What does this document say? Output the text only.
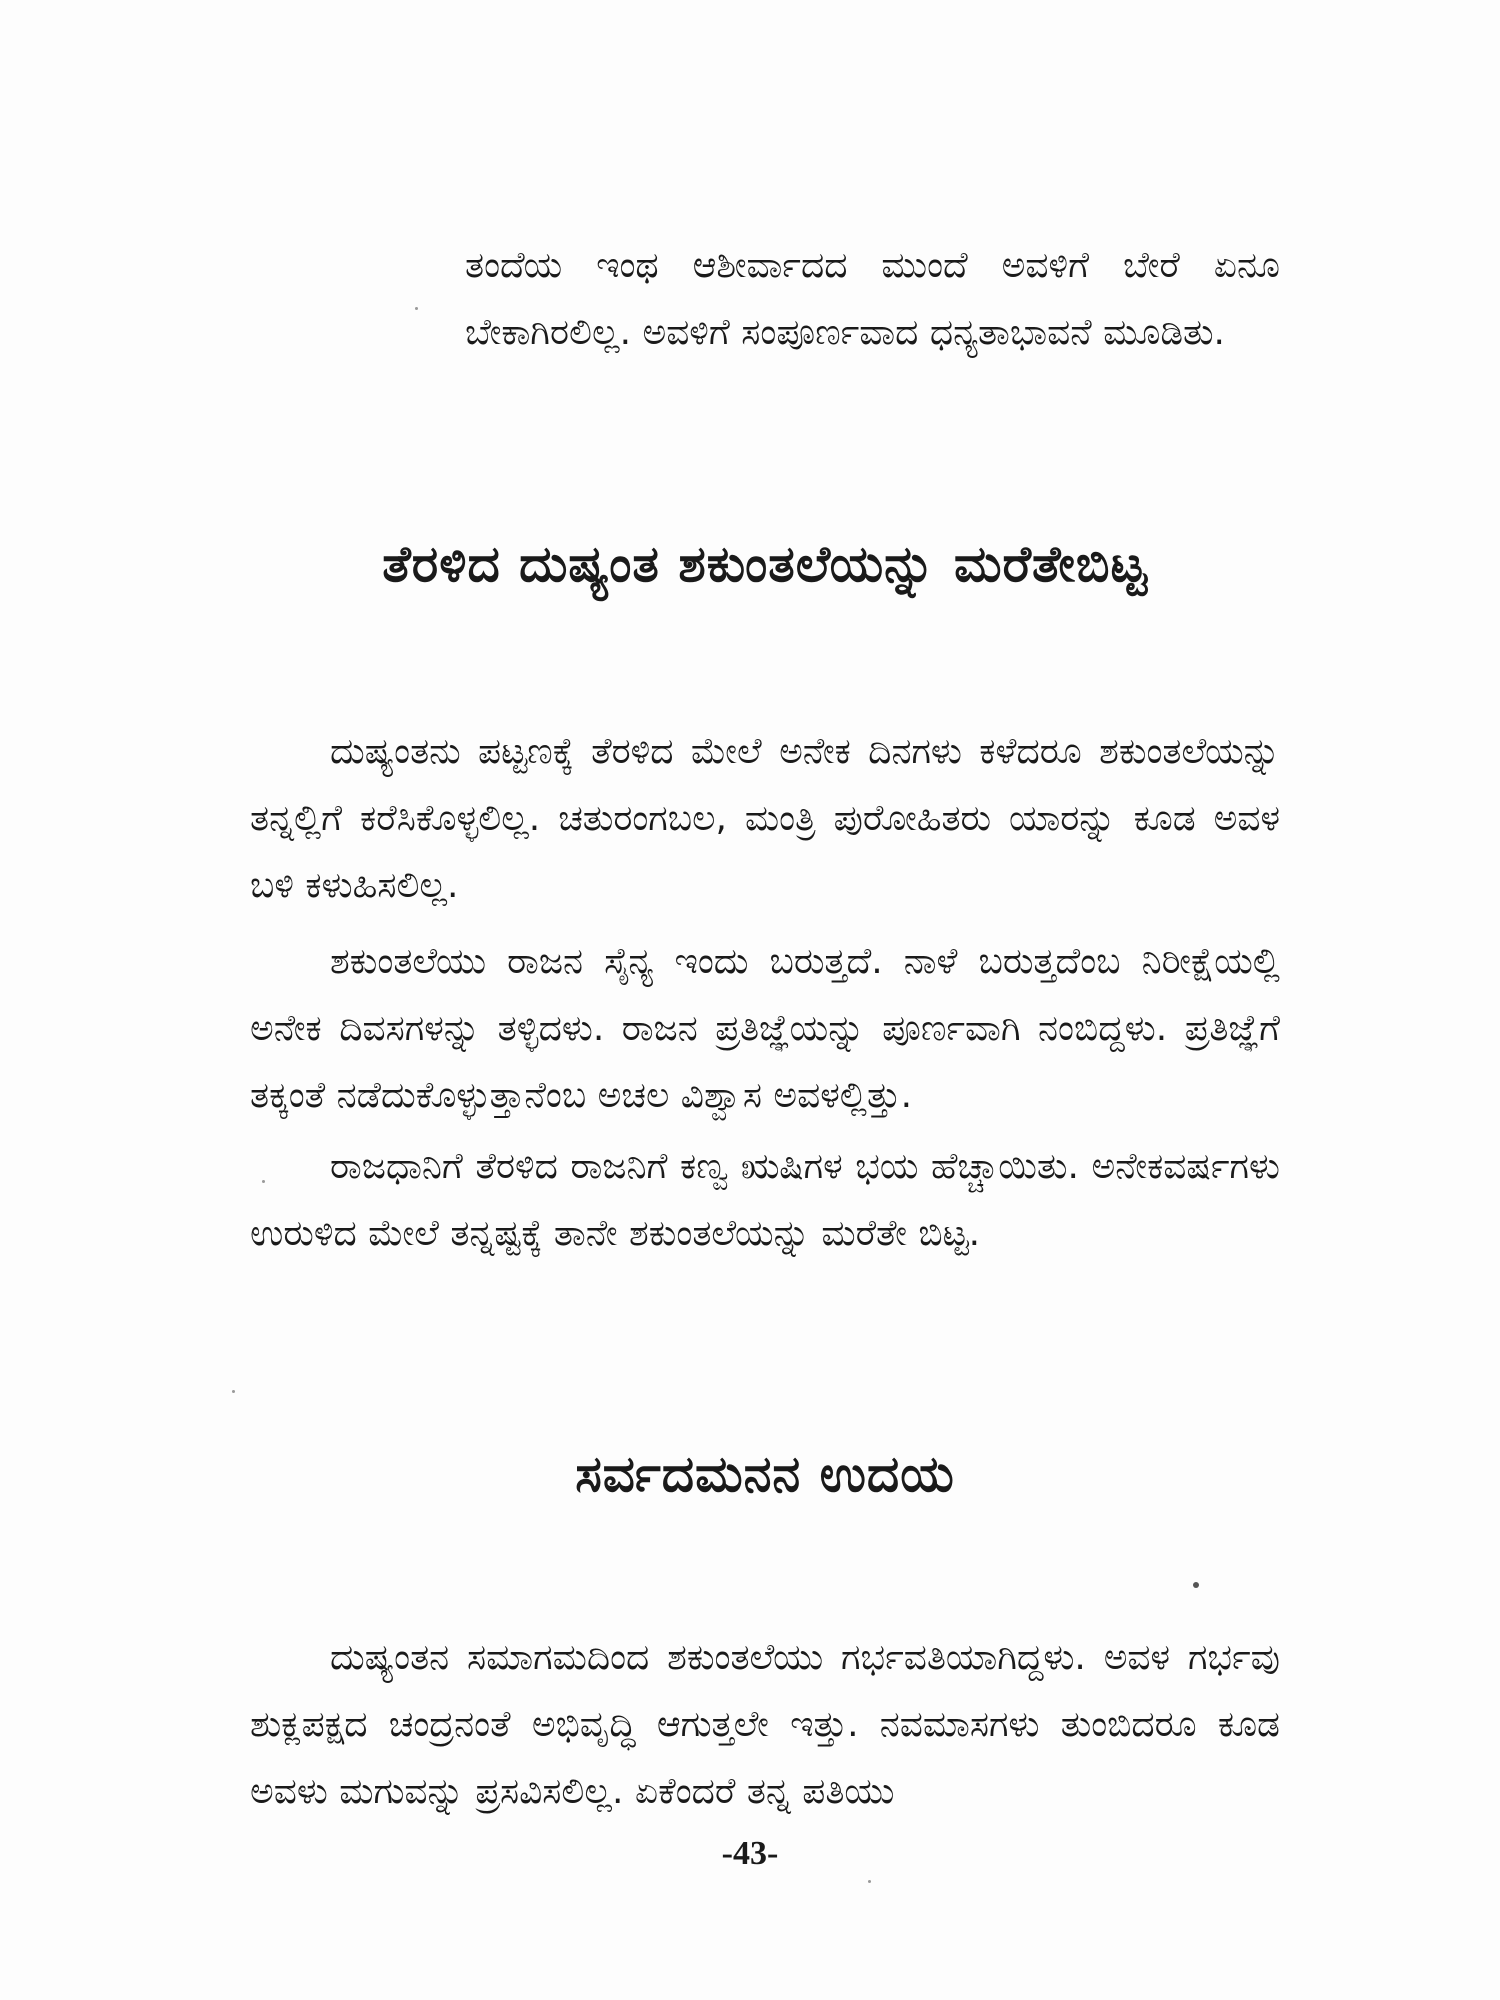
ತಂದೆಯ ಇಂಥ ಆಶೀರ್ವಾದದ ಮುಂದೆ ಅವಳಿಗೆ ಬೇರೆ ಏನೂ ಬೇಕಾಗಿರಲಿಲ್ಲ. ಅವಳಿಗೆ ಸಂಪೂರ್ಣವಾದ ಧನ್ಯತಾಭಾವನೆ ಮೂಡಿತು.

ತೆರಳಿದ ದುಷ್ಯಂತ ಶಕುಂತಲೆಯನ್ನು ಮರೆತೇಬಿಟ್ಟ

ದುಷ್ಯಂತನು ಪಟ್ಟಣಕ್ಕೆ ತೆರಳಿದ ಮೇಲೆ ಅನೇಕ ದಿನಗಳು ಕಳೆದರೂ ಶಕುಂತಲೆಯನ್ನು ತನ್ನಲ್ಲಿಗೆ ಕರೆಸಿಕೊಳ್ಳಲಿಲ್ಲ. ಚತುರಂಗಬಲ, ಮಂತ್ರಿ ಪುರೋಹಿತರು ಯಾರನ್ನು ಕೂಡ ಅವಳ ಬಳಿ ಕಳುಹಿಸಲಿಲ್ಲ.

ಶಕುಂತಲೆಯು ರಾಜನ ಸೈನ್ಯ ಇಂದು ಬರುತ್ತದೆ. ನಾಳೆ ಬರುತ್ತದೆಂಬ ನಿರೀಕ್ಷೆಯಲ್ಲಿ ಅನೇಕ ದಿವಸಗಳನ್ನು ತಳ್ಳಿದಳು. ರಾಜನ ಪ್ರತಿಜ್ಞೆಯನ್ನು ಪೂರ್ಣವಾಗಿ ನಂಬಿದ್ದಳು. ಪ್ರತಿಜ್ಞೆಗೆ ತಕ್ಕಂತೆ ನಡೆದುಕೊಳ್ಳುತ್ತಾನೆಂಬ ಅಚಲ ವಿಶ್ವಾಸ ಅವಳಲ್ಲಿತ್ತು.

ರಾಜಧಾನಿಗೆ ತೆರಳಿದ ರಾಜನಿಗೆ ಕಣ್ವ ಋಷಿಗಳ ಭಯ ಹೆಚ್ಚಾಯಿತು. ಅನೇಕವರ್ಷಗಳು ಉರುಳಿದ ಮೇಲೆ ತನ್ನಷ್ಟಕ್ಕೆ ತಾನೇ ಶಕುಂತಲೆಯನ್ನು ಮರೆತೇ ಬಿಟ್ಟ.

ಸರ್ವದಮನನ ಉದಯ

ದುಷ್ಯಂತನ ಸಮಾಗಮದಿಂದ ಶಕುಂತಲೆಯು ಗರ್ಭವತಿಯಾಗಿದ್ದಳು. ಅವಳ ಗರ್ಭವು ಶುಕ್ಲಪಕ್ಷದ ಚಂದ್ರನಂತೆ ಅಭಿವೃದ್ಧಿ ಆಗುತ್ತಲೇ ಇತ್ತು. ನವಮಾಸಗಳು ತುಂಬಿದರೂ ಕೂಡ ಅವಳು ಮಗುವನ್ನು ಪ್ರಸವಿಸಲಿಲ್ಲ. ಏಕೆಂದರೆ ತನ್ನ ಪತಿಯು

-43-
